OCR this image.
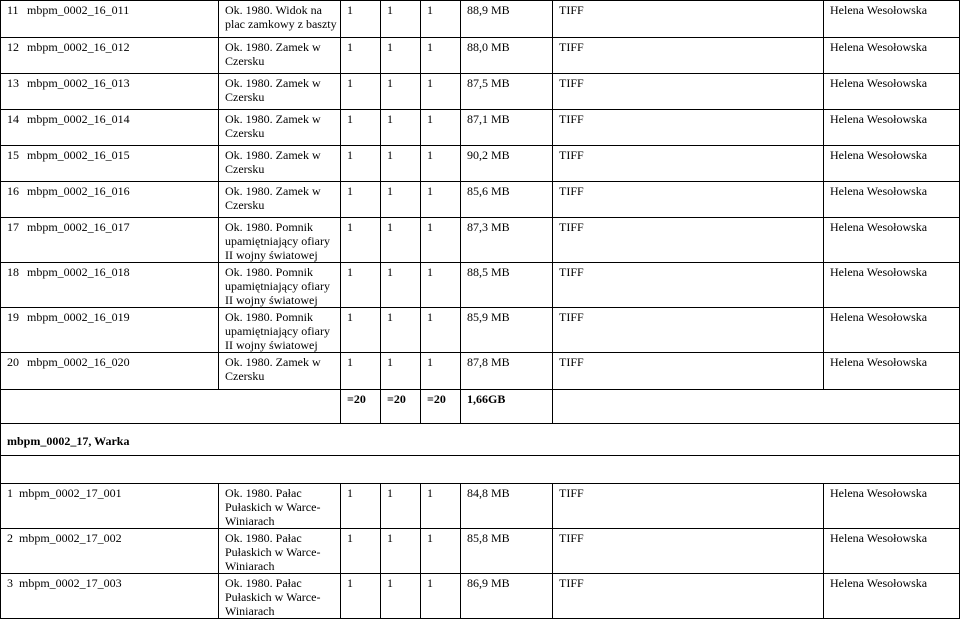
11 mbpm_0002_16_011	Ok. 1980. Widok na plac zamkowy z baszty	1	1	1	88,9 MB	TIFF	Helena Wesołowska
12 mbpm_0002_16_012	Ok. 1980. Zamek w Czersku	1	1	1	88,0 MB	TIFF	Helena Wesołowska
13 mbpm_0002_16_013	Ok. 1980. Zamek w Czersku	1	1	1	87,5 MB	TIFF	Helena Wesołowska
14 mbpm_0002_16_014	Ok. 1980. Zamek w Czersku	1	1	1	87,1 MB	TIFF	Helena Wesołowska
15 mbpm_0002_16_015	Ok. 1980. Zamek w Czersku	1	1	1	90,2 MB	TIFF	Helena Wesołowska
16 mbpm_0002_16_016	Ok. 1980. Zamek w Czersku	1	1	1	85,6 MB	TIFF	Helena Wesołowska
17 mbpm_0002_16_017	Ok. 1980. Pomnik upamiętniający ofiary II wojny światowej	1	1	1	87,3 MB	TIFF	Helena Wesołowska
18 mbpm_0002_16_018	Ok. 1980. Pomnik upamiętniający ofiary II wojny światowej	1	1	1	88,5 MB	TIFF	Helena Wesołowska
19 mbpm_0002_16_019	Ok. 1980. Pomnik upamiętniający ofiary II wojny światowej	1	1	1	85,9 MB	TIFF	Helena Wesołowska
20 mbpm_0002_16_020	Ok. 1980. Zamek w Czersku	1	1	1	87,8 MB	TIFF	Helena Wesołowska
		=20	=20	=20	1,66GB		
mbpm_0002_17, Warka							

1 mbpm_0002_17_001	Ok. 1980. Pałac Pułaskich w Warce-Winiarach	1	1	1	84,8 MB	TIFF	Helena Wesołowska
2 mbpm_0002_17_002	Ok. 1980. Pałac Pułaskich w Warce-Winiarach	1	1	1	85,8 MB	TIFF	Helena Wesołowska
3 mbpm_0002_17_003	Ok. 1980. Pałac Pułaskich w Warce-Winiarach	1	1	1	86,9 MB	TIFF	Helena Wesołowska
